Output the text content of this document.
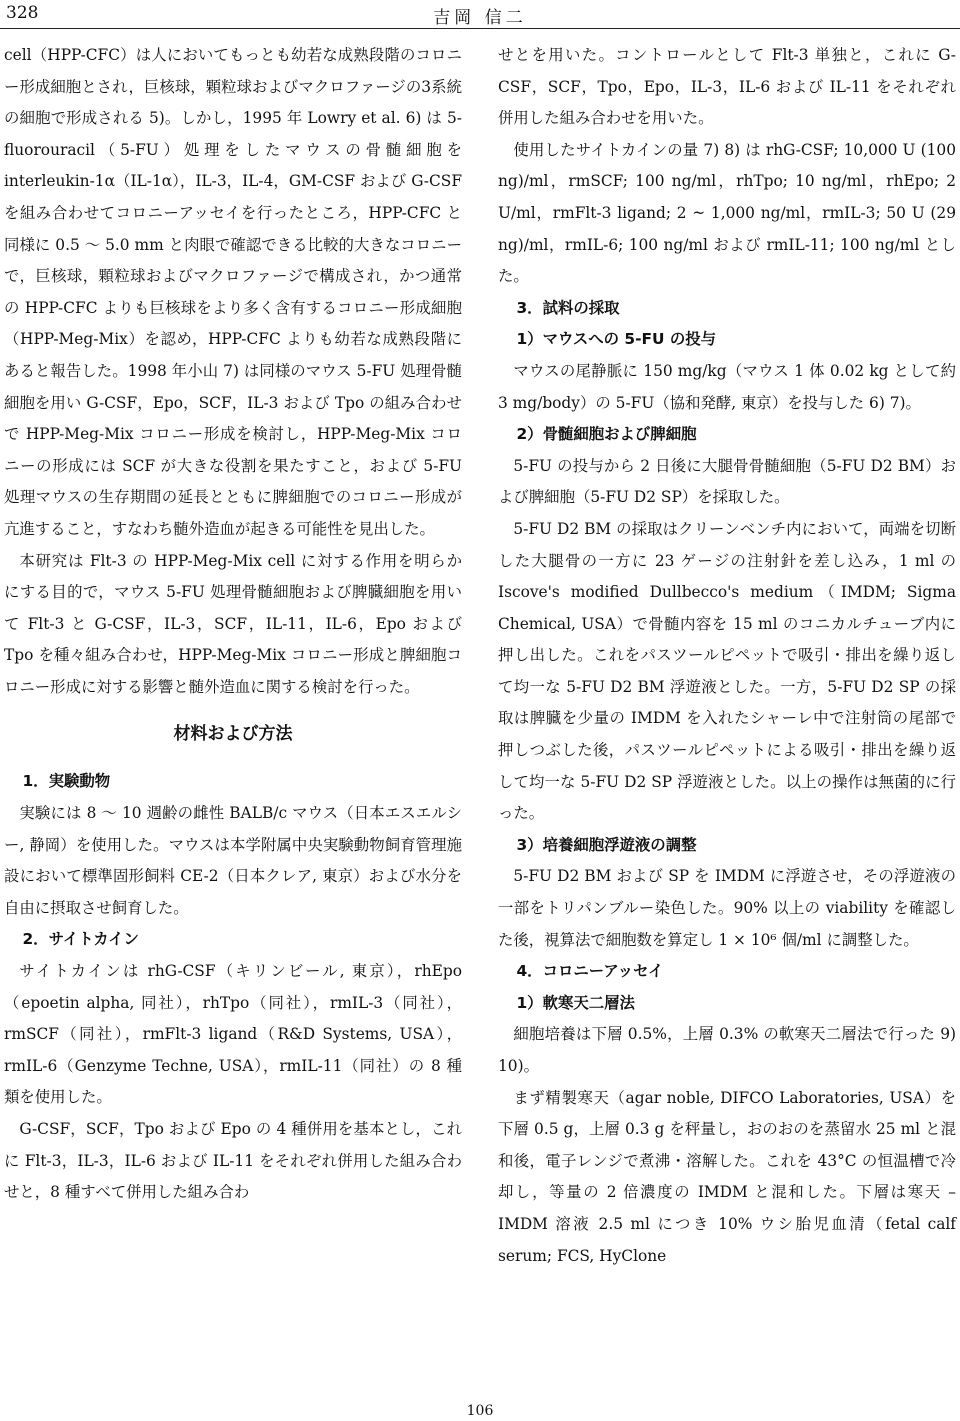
328	吉岡 信二

cell（HPP-CFC）は人においてもっとも幼若な成熟段階のコロニー形成細胞とされ，巨核球，顆粒球およびマクロファージの3系統の細胞で形成される 5)。しかし，1995 年 Lowry et al. 6) は 5-fluorouracil（5-FU）処理をしたマウスの骨髄細胞を interleukin-1α（IL-1α），IL-3，IL-4，GM-CSF および G-CSF を組み合わせてコロニーアッセイを行ったところ，HPP-CFC と同様に 0.5 ～ 5.0 mm と肉眼で確認できる比較的大きなコロニーで，巨核球，顆粒球およびマクロファージで構成され，かつ通常の HPP-CFC よりも巨核球をより多く含有するコロニー形成細胞（HPP-Meg-Mix）を認め，HPP-CFC よりも幼若な成熟段階にあると報告した。1998 年小山 7) は同様のマウス 5-FU 処理骨髄細胞を用い G-CSF，Epo，SCF，IL-3 および Tpo の組み合わせで HPP-Meg-Mix コロニー形成を検討し，HPP-Meg-Mix コロニーの形成には SCF が大きな役割を果たすこと，および 5-FU 処理マウスの生存期間の延長とともに脾細胞でのコロニー形成が亢進すること，すなわち髄外造血が起きる可能性を見出した。

本研究は Flt-3 の HPP-Meg-Mix cell に対する作用を明らかにする目的で，マウス 5-FU 処理骨髄細胞および脾臓細胞を用いて Flt-3 と G-CSF，IL-3，SCF，IL-11，IL-6，Epo および Tpo を種々組み合わせ，HPP-Meg-Mix コロニー形成と脾細胞コロニー形成に対する影響と髄外造血に関する検討を行った。

材料および方法
1．実験動物

実験には 8 ～ 10 週齢の雌性 BALB/c マウス（日本エスエルシー, 静岡）を使用した。マウスは本学附属中央実験動物飼育管理施設において標準固形飼料 CE-2（日本クレア, 東京）および水分を自由に摂取させ飼育した。

2．サイトカイン

サイトカインは rhG-CSF（キリンビール, 東京），rhEpo（epoetin alpha, 同社），rhTpo（同社），rmIL-3（同社），rmSCF（同社），rmFlt-3 ligand（R&D Systems, USA），rmIL-6（Genzyme Techne, USA），rmIL-11（同社）の 8 種類を使用した。

G-CSF，SCF，Tpo および Epo の 4 種併用を基本とし，これに Flt-3，IL-3，IL-6 および IL-11 をそれぞれ併用した組み合わせと，8 種すべて併用した組み合わ

せとを用いた。コントロールとして Flt-3 単独と，これに G-CSF，SCF，Tpo，Epo，IL-3，IL-6 および IL-11 をそれぞれ併用した組み合わせを用いた。

使用したサイトカインの量 7) 8) は rhG-CSF; 10,000 U (100 ng)/ml，rmSCF; 100 ng/ml，rhTpo; 10 ng/ml，rhEpo; 2 U/ml，rmFlt-3 ligand; 2 ~ 1,000 ng/ml，rmIL-3; 50 U (29 ng)/ml，rmIL-6; 100 ng/ml および rmIL-11; 100 ng/ml とした。

3．試料の採取
1）マウスへの 5-FU の投与

マウスの尾静脈に 150 mg/kg（マウス 1 体 0.02 kg として約 3 mg/body）の 5-FU（協和発酵, 東京）を投与した 6) 7)。

2）骨髄細胞および脾細胞

5-FU の投与から 2 日後に大腿骨骨髄細胞（5-FU D2 BM）および脾細胞（5-FU D2 SP）を採取した。

5-FU D2 BM の採取はクリーンベンチ内において，両端を切断した大腿骨の一方に 23 ゲージの注射針を差し込み，1 ml の Iscove's modified Dullbecco's medium（IMDM; Sigma Chemical, USA）で骨髄内容を 15 ml のコニカルチューブ内に押し出した。これをパスツールピペットで吸引・排出を繰り返して均一な 5-FU D2 BM 浮遊液とした。一方，5-FU D2 SP の採取は脾臓を少量の IMDM を入れたシャーレ中で注射筒の尾部で押しつぶした後，パスツールピペットによる吸引・排出を繰り返して均一な 5-FU D2 SP 浮遊液とした。以上の操作は無菌的に行った。

3）培養細胞浮遊液の調整

5-FU D2 BM および SP を IMDM に浮遊させ，その浮遊液の一部をトリパンブルー染色した。90% 以上の viability を確認した後，視算法で細胞数を算定し 1 × 10⁶ 個/ml に調整した。

4．コロニーアッセイ
1）軟寒天二層法

細胞培養は下層 0.5%，上層 0.3% の軟寒天二層法で行った 9) 10)。

まず精製寒天（agar noble, DIFCO Laboratories, USA）を下層 0.5 g，上層 0.3 g を秤量し，おのおのを蒸留水 25 ml と混和後，電子レンジで煮沸・溶解した。これを 43°C の恒温槽で冷却し，等量の 2 倍濃度の IMDM と混和した。下層は寒天 – IMDM 溶液 2.5 ml につき 10% ウシ胎児血清（fetal calf serum; FCS, HyClone

106
